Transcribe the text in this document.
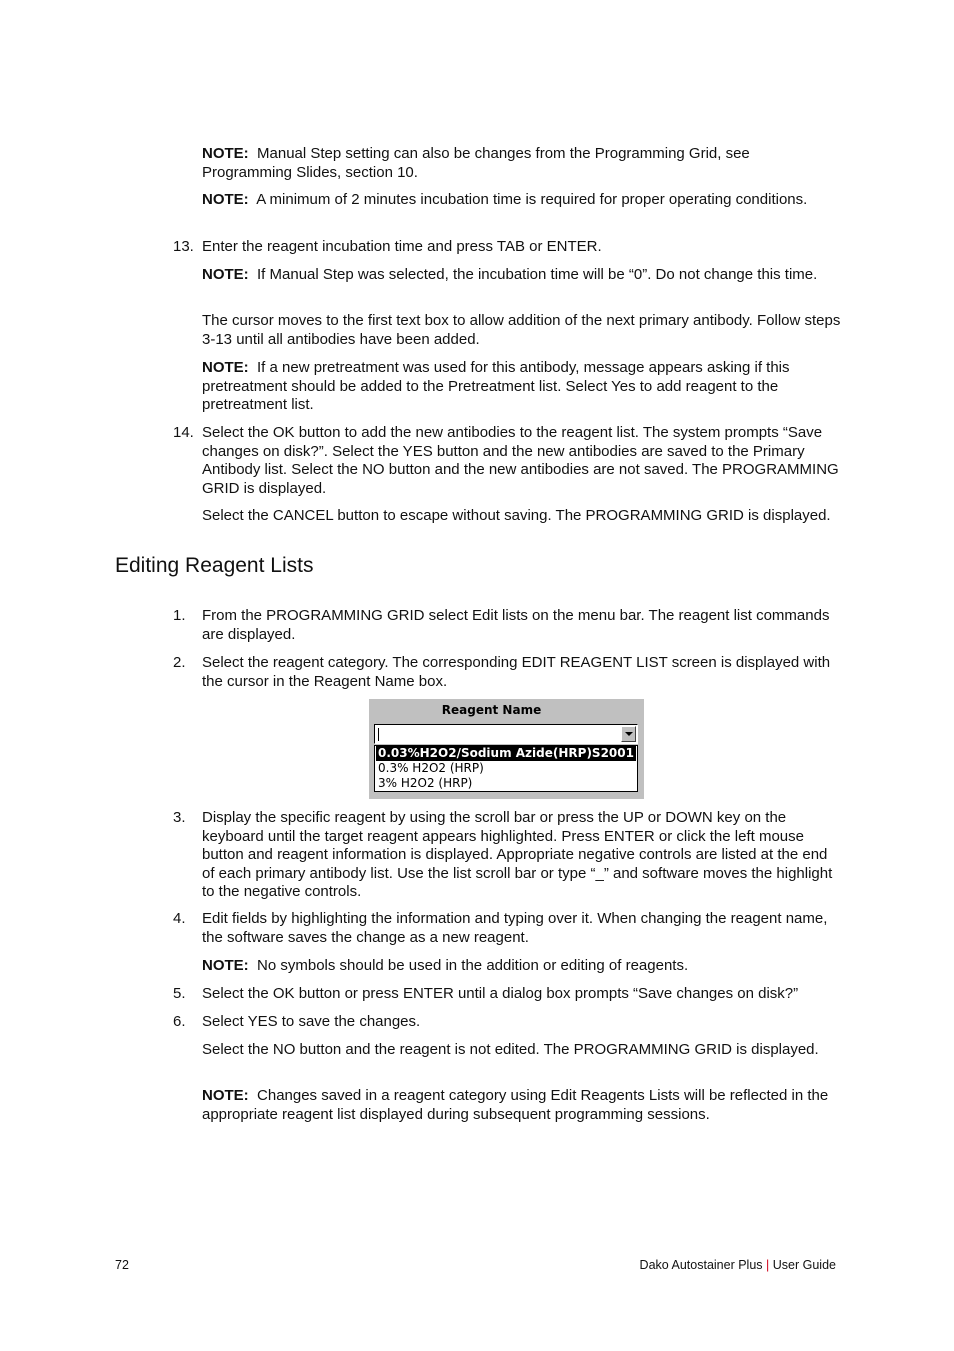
NOTE: Manual Step setting can also be changes from the Programming Grid, see Programming Slides, section 10.

NOTE: A minimum of 2 minutes incubation time is required for proper operating conditions.

13. Enter the reagent incubation time and press TAB or ENTER.

NOTE: If Manual Step was selected, the incubation time will be “0”. Do not change this time.

The cursor moves to the first text box to allow addition of the next primary antibody. Follow steps 3-13 until all antibodies have been added.

NOTE: If a new pretreatment was used for this antibody, message appears asking if this pretreatment should be added to the Pretreatment list. Select Yes to add reagent to the pretreatment list.

14. Select the OK button to add the new antibodies to the reagent list. The system prompts “Save changes on disk?”. Select the YES button and the new antibodies are saved to the Primary Antibody list. Select the NO button and the new antibodies are not saved. The PROGRAMMING GRID is displayed.

Select the CANCEL button to escape without saving. The PROGRAMMING GRID is displayed.

Editing Reagent Lists
1. From the PROGRAMMING GRID select Edit lists on the menu bar. The reagent list commands are displayed.

2. Select the reagent category. The corresponding EDIT REAGENT LIST screen is displayed with the cursor in the Reagent Name box.

Reagent Name
0.03%H2O2/Sodium Azide(HRP)S2001
0.3% H2O2 (HRP)
3% H2O2 (HRP)
3. Display the specific reagent by using the scroll bar or press the UP or DOWN key on the keyboard until the target reagent appears highlighted. Press ENTER or click the left mouse button and reagent information is displayed. Appropriate negative controls are listed at the end of each primary antibody list. Use the list scroll bar or type “_” and software moves the highlight to the negative controls.

4. Edit fields by highlighting the information and typing over it. When changing the reagent name, the software saves the change as a new reagent.

NOTE: No symbols should be used in the addition or editing of reagents.

5. Select the OK button or press ENTER until a dialog box prompts “Save changes on disk?”

6. Select YES to save the changes.

Select the NO button and the reagent is not edited. The PROGRAMMING GRID is displayed.

NOTE: Changes saved in a reagent category using Edit Reagents Lists will be reflected in the appropriate reagent list displayed during subsequent programming sessions.

72	Dako Autostainer Plus | User Guide
